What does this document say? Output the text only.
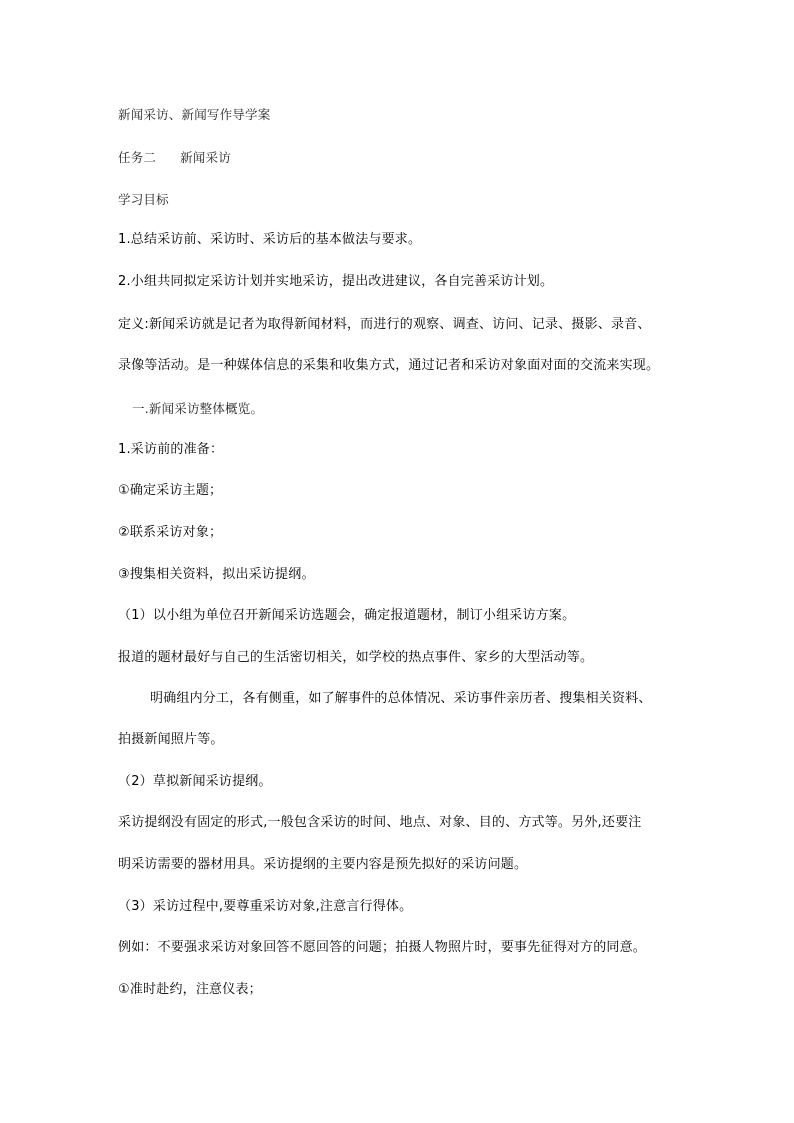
新闻采访、新闻写作导学案
任务二 新闻采访
学习目标
1.总结采访前、采访时、采访后的基本做法与要求。
2.小组共同拟定采访计划并实地采访，提出改进建议，各自完善采访计划。
定义:新闻采访就是记者为取得新闻材料，而进行的观察、调查、访问、记录、摄影、录音、
录像等活动。是一种媒体信息的采集和收集方式，通过记者和采访对象面对面的交流来实现。
一.新闻采访整体概览。
1.采访前的准备：
①确定采访主题；
②联系采访对象；
③搜集相关资料，拟出采访提纲。
（1）以小组为单位召开新闻采访选题会，确定报道题材，制订小组采访方案。
报道的题材最好与自己的生活密切相关，如学校的热点事件、家乡的大型活动等。
明确组内分工，各有侧重，如了解事件的总体情况、采访事件亲历者、搜集相关资料、
拍摄新闻照片等。
（2）草拟新闻采访提纲。
采访提纲没有固定的形式,一般包含采访的时间、地点、对象、目的、方式等。另外,还要注
明采访需要的器材用具。采访提纲的主要内容是预先拟好的采访问题。
（3）采访过程中,要尊重采访对象,注意言行得体。
例如：不要强求采访对象回答不愿回答的问题；拍摄人物照片时，要事先征得对方的同意。
①准时赴约，注意仪表；
